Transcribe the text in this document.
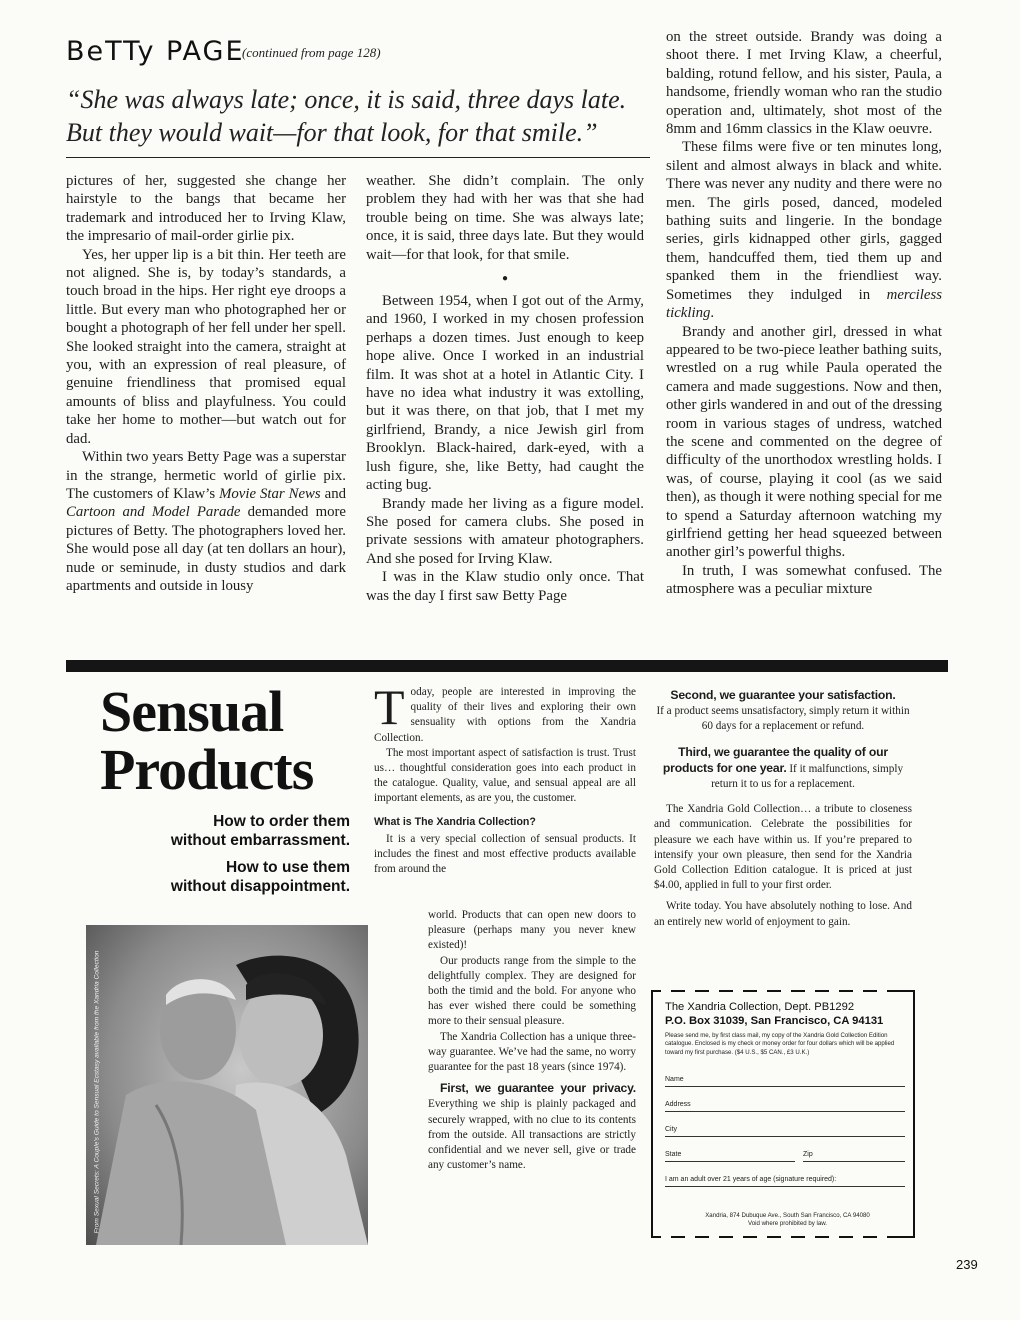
BeTTy PAGE
(continued from page 128)
“She was always late; once, it is said, three days late.
But they would wait—for that look, for that smile.”

pictures of her, suggested she change her hairstyle to the bangs that became her trademark and introduced her to Irving Klaw, the impresario of mail-order girlie pix.

Yes, her upper lip is a bit thin. Her teeth are not aligned. She is, by today’s standards, a touch broad in the hips. Her right eye droops a little. But every man who photographed her or bought a photograph of her fell under her spell. She looked straight into the camera, straight at you, with an expression of real pleasure, of genuine friendliness that promised equal amounts of bliss and playfulness. You could take her home to mother—but watch out for dad.

Within two years Betty Page was a superstar in the strange, hermetic world of girlie pix. The customers of Klaw’s Movie Star News and Cartoon and Model Parade demanded more pictures of Betty. The photographers loved her. She would pose all day (at ten dollars an hour), nude or seminude, in dusty studios and dark apartments and outside in lousy

weather. She didn’t complain. The only problem they had with her was that she had trouble being on time. She was always late; once, it is said, three days late. But they would wait—for that look, for that smile.

●

Between 1954, when I got out of the Army, and 1960, I worked in my chosen profession perhaps a dozen times. Just enough to keep hope alive. Once I worked in an industrial film. It was shot at a hotel in Atlantic City. I have no idea what industry it was extolling, but it was there, on that job, that I met my girlfriend, Brandy, a nice Jewish girl from Brooklyn. Black-haired, dark-eyed, with a lush figure, she, like Betty, had caught the acting bug.

Brandy made her living as a figure model. She posed for camera clubs. She posed in private sessions with amateur photographers. And she posed for Irving Klaw.

I was in the Klaw studio only once. That was the day I first saw Betty Page

on the street outside. Brandy was doing a shoot there. I met Irving Klaw, a cheerful, balding, rotund fellow, and his sister, Paula, a handsome, friendly woman who ran the studio operation and, ultimately, shot most of the 8mm and 16mm classics in the Klaw oeuvre.

These films were five or ten minutes long, silent and almost always in black and white. There was never any nudity and there were no men. The girls posed, danced, modeled bathing suits and lingerie. In the bondage series, girls kidnapped other girls, gagged them, handcuffed them, tied them up and spanked them in the friendliest way. Sometimes they indulged in merciless tickling.

Brandy and another girl, dressed in what appeared to be two-piece leather bathing suits, wrestled on a rug while Paula operated the camera and made suggestions. Now and then, other girls wandered in and out of the dressing room in various stages of undress, watched the scene and commented on the degree of difficulty of the unorthodox wrestling holds. I was, of course, playing it cool (as we said then), as though it were nothing special for me to spend a Saturday afternoon watching my girlfriend getting her head squeezed between another girl’s powerful thighs.

In truth, I was somewhat confused. The atmosphere was a peculiar mixture

Sensual
Products
How to order them
without embarrassment.
How to use them
without disappointment.
From Sexual Secrets: A Couple's Guide to Sensual Ecstasy available from the Xandria Collection

Today, people are interested in improving the quality of their lives and exploring their own sensuality with options from the Xandria Collection.

The most important aspect of satisfaction is trust. Trust us… thoughtful consideration goes into each product in the catalogue. Quality, value, and sensual appeal are all important elements, as are you, the customer.

What is The Xandria Collection?

It is a very special collection of sensual products. It includes the finest and most effective products available from around the

world. Products that can open new doors to pleasure (perhaps many you never knew existed)!

Our products range from the simple to the delightfully complex. They are designed for both the timid and the bold. For anyone who has ever wished there could be something more to their sensual pleasure.

The Xandria Collection has a unique three-way guarantee. We’ve had the same, no worry guarantee for the past 18 years (since 1974).

First, we guarantee your privacy. Everything we ship is plainly packaged and securely wrapped, with no clue to its contents from the outside. All transactions are strictly confidential and we never sell, give or trade any customer’s name.

Second, we guarantee your satisfaction.
If a product seems unsatisfactory, simply return it within 60 days for a replacement or refund.
Third, we guarantee the quality of our products for one year. If it malfunctions, simply return it to us for a replacement.

The Xandria Gold Collection… a tribute to closeness and communication. Celebrate the possibilities for pleasure we each have within us. If you’re prepared to intensify your own pleasure, then send for the Xandria Gold Collection Edition catalogue. It is priced at just $4.00, applied in full to your first order.

Write today. You have absolutely nothing to lose. And an entirely new world of enjoyment to gain.

The Xandria Collection, Dept. PB1292
P.O. Box 31039, San Francisco, CA 94131
Please send me, by first class mail, my copy of the Xandria Gold Collection Edition catalogue. Enclosed is my check or money order for four dollars which will be applied toward my first purchase. ($4 U.S., $5 CAN., £3 U.K.)
Name
Address
City
State	Zip
I am an adult over 21 years of age (signature required):
Xandria, 874 Dubuque Ave., South San Francisco, CA 94080
Void where prohibited by law.
239
